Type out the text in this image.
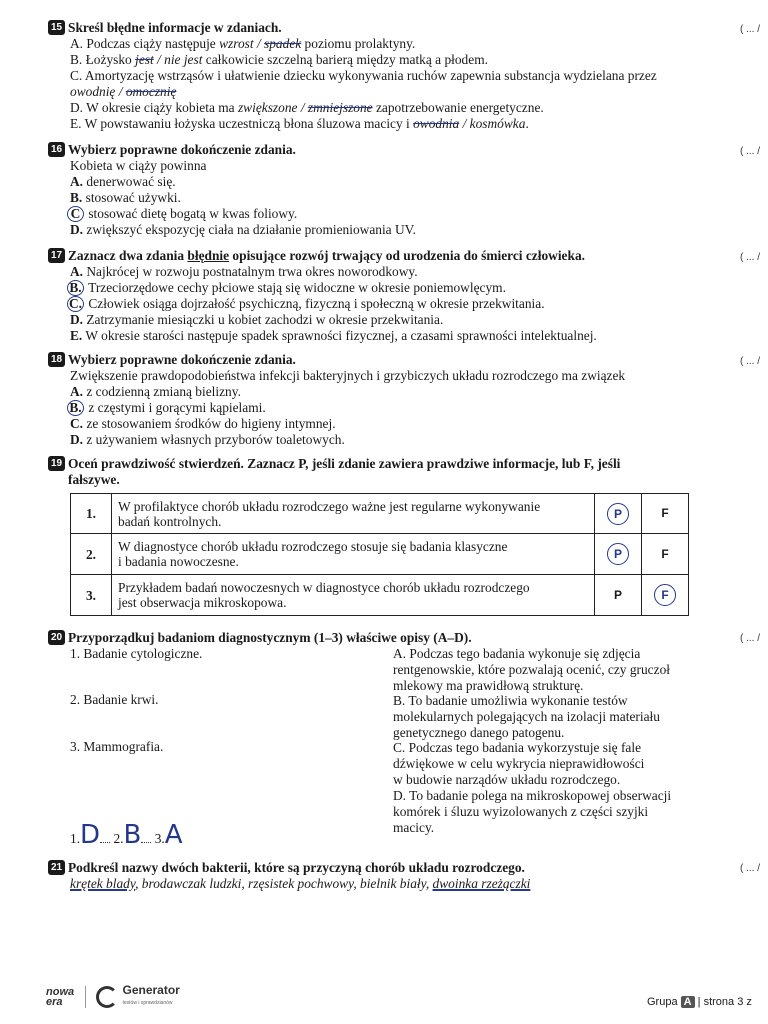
15 Skreśl błędne informacje w zdaniach.
A. Podczas ciąży następuje wzrost / spadek poziomu prolaktyny.
B. Łożysko jest / nie jest całkowicie szczelną barierą między matką a płodem.
C. Amortyzację wstrząsów i ułatwienie dziecku wykonywania ruchów zapewnia substancja wydzielana przez
owodnię / omocznię
D. W okresie ciąży kobieta ma zwiększone / zmniejszone zapotrzebowanie energetyczne.
E. W powstawaniu łożyska uczestniczą błona śluzowa macicy i owodnia / kosmówka.
( ... /
16 Wybierz poprawne dokończenie zdania.
Kobieta w ciąży powinna
A. denerwować się.
B. stosować używki.
C stosować dietę bogatą w kwas foliowy.
D. zwiększyć ekspozycję ciała na działanie promieniowania UV.
( ... /
17 Zaznacz dwa zdania błędnie opisujące rozwój trwający od urodzenia do śmierci człowieka.
A. Najkrócej w rozwoju postnatalnym trwa okres noworodkowy.
B. Trzeciorzędowe cechy płciowe stają się widoczne w okresie poniemowlęcym.
C. Człowiek osiąga dojrzałość psychiczną, fizyczną i społeczną w okresie przekwitania.
D. Zatrzymanie miesiączki u kobiet zachodzi w okresie przekwitania.
E. W okresie starości następuje spadek sprawności fizycznej, a czasami sprawności intelektualnej.
( ... /
18 Wybierz poprawne dokończenie zdania.
Zwiększenie prawdopodobieństwa infekcji bakteryjnych i grzybiczych układu rozrodczego ma związek
A. z codzienną zmianą bielizny.
B. z częstymi i gorącymi kąpielami.
C. ze stosowaniem środków do higieny intymnej.
D. z używaniem własnych przyborów toaletowych.
( ... /
19 Oceń prawdziwość stwierdzeń. Zaznacz P, jeśli zdanie zawiera prawdziwe informacje, lub F, jeśli
fałszywe.
1.	W profilaktyce chorób układu rozrodczego ważne jest regularne wykonywanie
badań kontrolnych.	P	F
2.	W diagnostyce chorób układu rozrodczego stosuje się badania klasyczne
i badania nowoczesne.	P	F
3.	Przykładem badań nowoczesnych w diagnostyce chorób układu rozrodczego
jest obserwacja mikroskopowa.	P	F
20 Przyporządkuj badaniom diagnostycznym (1–3) właściwe opisy (A–D).	( ... /
1. Badanie cytologiczne.
2. Badanie krwi.
3. Mammografia.
A. Podczas tego badania wykonuje się zdjęcia
rentgenowskie, które pozwalają ocenić, czy gruczoł
mlekowy ma prawidłową strukturę.
B. To badanie umożliwia wykonanie testów
molekularnych polegających na izolacji materiału
genetycznego danego patogenu.
C. Podczas tego badania wykorzystuje się fale
dźwiękowe w celu wykrycia nieprawidłowości
w budowie narządów układu rozrodczego.
D. To badanie polega na mikroskopowej obserwacji
komórek i śluzu wyizolowanych z części szyjki
macicy.
1.D 2.B 3.A
21 Podkreśl nazwy dwóch bakterii, które są przyczyną chorób układu rozrodczego.
krętek blady, brodawczak ludzki, rzęsistek pochwowy, bielnik biały, dwoinka rzeżączki
( ... /
nowa
era   Generator
testów i sprawdzianów	Grupa A | strona 3 z
